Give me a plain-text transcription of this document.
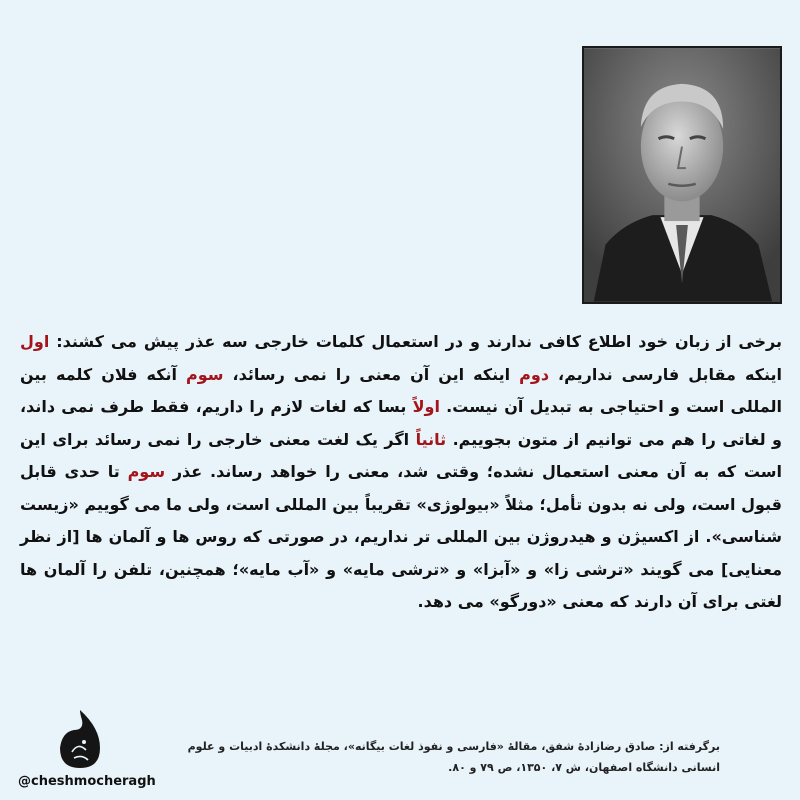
برخی از زبان خود اطلاع کافی ندارند و در استعمال کلمات خارجی سه عذر پیش می کشند: اول اینکه مقابل فارسی نداریم، دوم اینکه این آن معنی را نمی رسائد، سوم آنکه فلان کلمه بین المللی است و احتیاجی به تبدیل آن نیست. اولاً بسا که لغات لازم را داریم، فقط طرف نمی داند، و لغاتی را هم می توانیم از متون بجوییم. ثانیاً اگر یک لغت معنی خارجی را نمی رسائد برای این است که به آن معنی استعمال نشده؛ وقتی شد، معنی را خواهد رساند. عذر سوم تا حدی قابل قبول است، ولی نه بدون تأمل؛ مثلاً «بیولوژی» تقریباً بین المللی است، ولی ما می گوییم «زیست شناسی». از اکسیژن و هیدروژن بین المللی تر نداریم، در صورتی که روس ها و آلمان ها [از نظر معنایی] می گویند «ترشی زا» و «آبزا» و «ترشی مایه» و «آب مایه»؛ همچنین، تلفن را آلمان ها لغتی برای آن دارند که معنی «دورگو» می دهد.
برگرفته از: صادق رضازادهٔ شفق، مقالهٔ «فارسی و نفوذ لغات بیگانه»، مجلهٔ دانشکدهٔ ادبیات و علوم انسانی دانشگاه اصفهان، ش ۷، ۱۳۵۰، ص ۷۹ و ۸۰.
@cheshmocheragh
